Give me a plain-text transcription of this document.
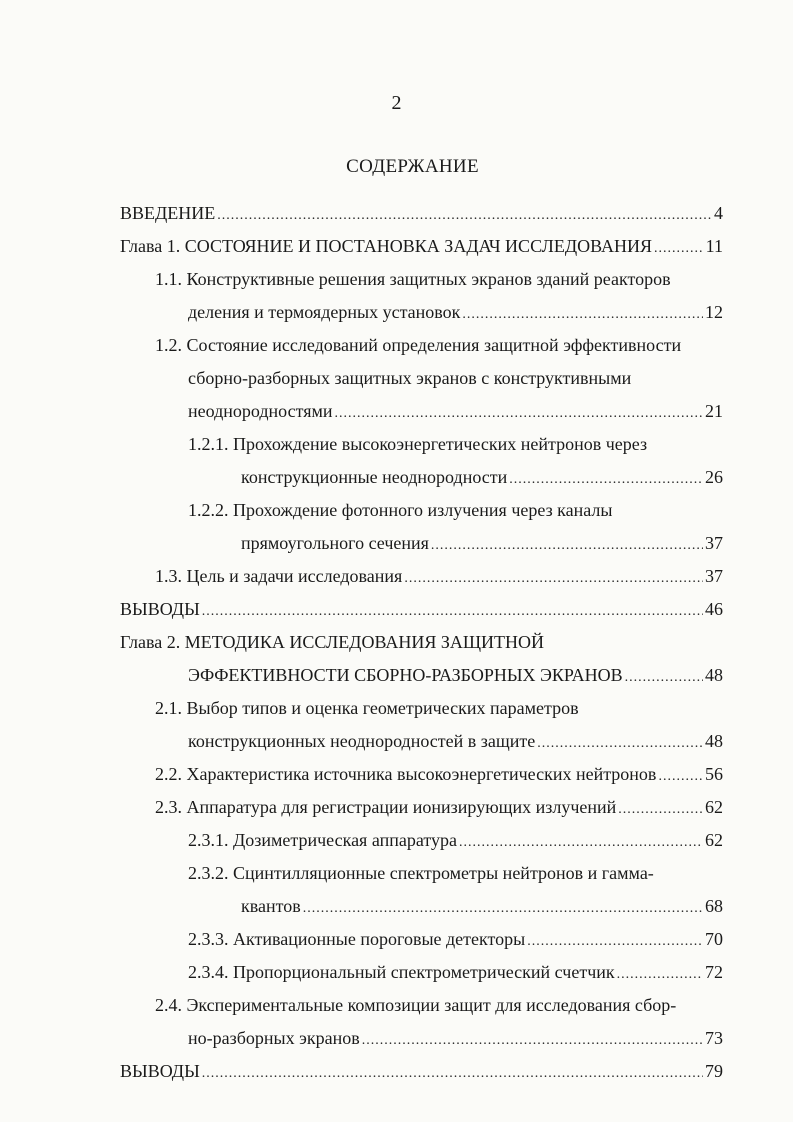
2
СОДЕРЖАНИЕ
ВВЕДЕНИЕ .....	4
Глава 1. СОСТОЯНИЕ И ПОСТАНОВКА ЗАДАЧ ИССЛЕДОВАНИЯ .....	11
1.1. Конструктивные решения защитных экранов зданий реакторов
деления и термоядерных установок .....	12
1.2. Состояние исследований определения защитной эффективности
сборно-разборных защитных экранов с конструктивными
неоднородностями .....	21
1.2.1. Прохождение высокоэнергетических нейтронов через
конструкционные неоднородности .....	26
1.2.2. Прохождение фотонного излучения через каналы
прямоугольного сечения .....	37
1.3. Цель и задачи исследования .....	37
ВЫВОДЫ .....	46
Глава 2. МЕТОДИКА ИССЛЕДОВАНИЯ ЗАЩИТНОЙ
ЭФФЕКТИВНОСТИ СБОРНО-РАЗБОРНЫХ ЭКРАНОВ .....	48
2.1. Выбор типов и оценка геометрических параметров
конструкционных неоднородностей в защите .....	48
2.2. Характеристика источника высокоэнергетических нейтронов .....	56
2.3. Аппаратура для регистрации ионизирующих излучений .....	62
2.3.1. Дозиметрическая аппаратура .....	62
2.3.2. Сцинтилляционные спектрометры нейтронов и гамма-
квантов .....	68
2.3.3. Активационные пороговые детекторы .....	70
2.3.4. Пропорциональный спектрометрический счетчик .....	72
2.4. Экспериментальные композиции защит для исследования сбор-
но-разборных экранов .....	73
ВЫВОДЫ .....	79
